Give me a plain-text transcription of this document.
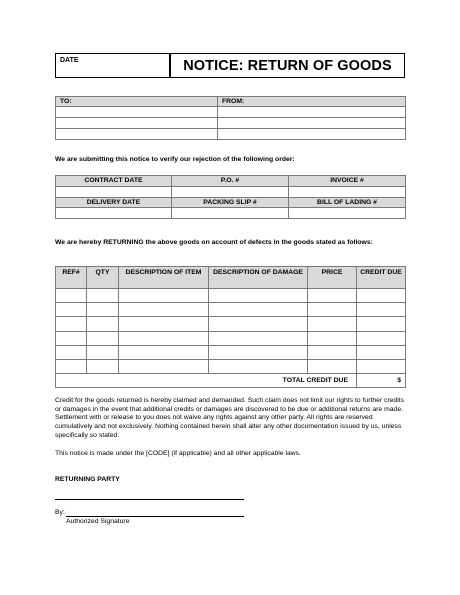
DATE	NOTICE: RETURN OF GOODS
TO:	FROM:

We are submitting this notice to verify our rejection of the following order:
CONTRACT DATE	P.O. #	INVOICE #

DELIVERY DATE	PACKING SLIP #	BILL OF LADING #

We are hereby RETURNING the above goods on account of defects in the goods stated as follows:
REF#	QTY	DESCRIPTION OF ITEM	DESCRIPTION OF DAMAGE	PRICE	CREDIT DUE

TOTAL CREDIT DUE					$
Credit for the goods returned is hereby claimed and demanded. Such claim does not limit our rights to further credits or damages in the event that additional credits or damages are discovered to be due or additional returns are made. Settlement with or release to you does not waive any rights against any other party. All rights are reserved cumulatively and not exclusively. Nothing contained herein shall alter any other documentation issued by us, unless specifically so stated.
This notice is made under the [CODE] (if applicable) and all other applicable laws.
RETURNING PARTY
By:
Authorized Signature
